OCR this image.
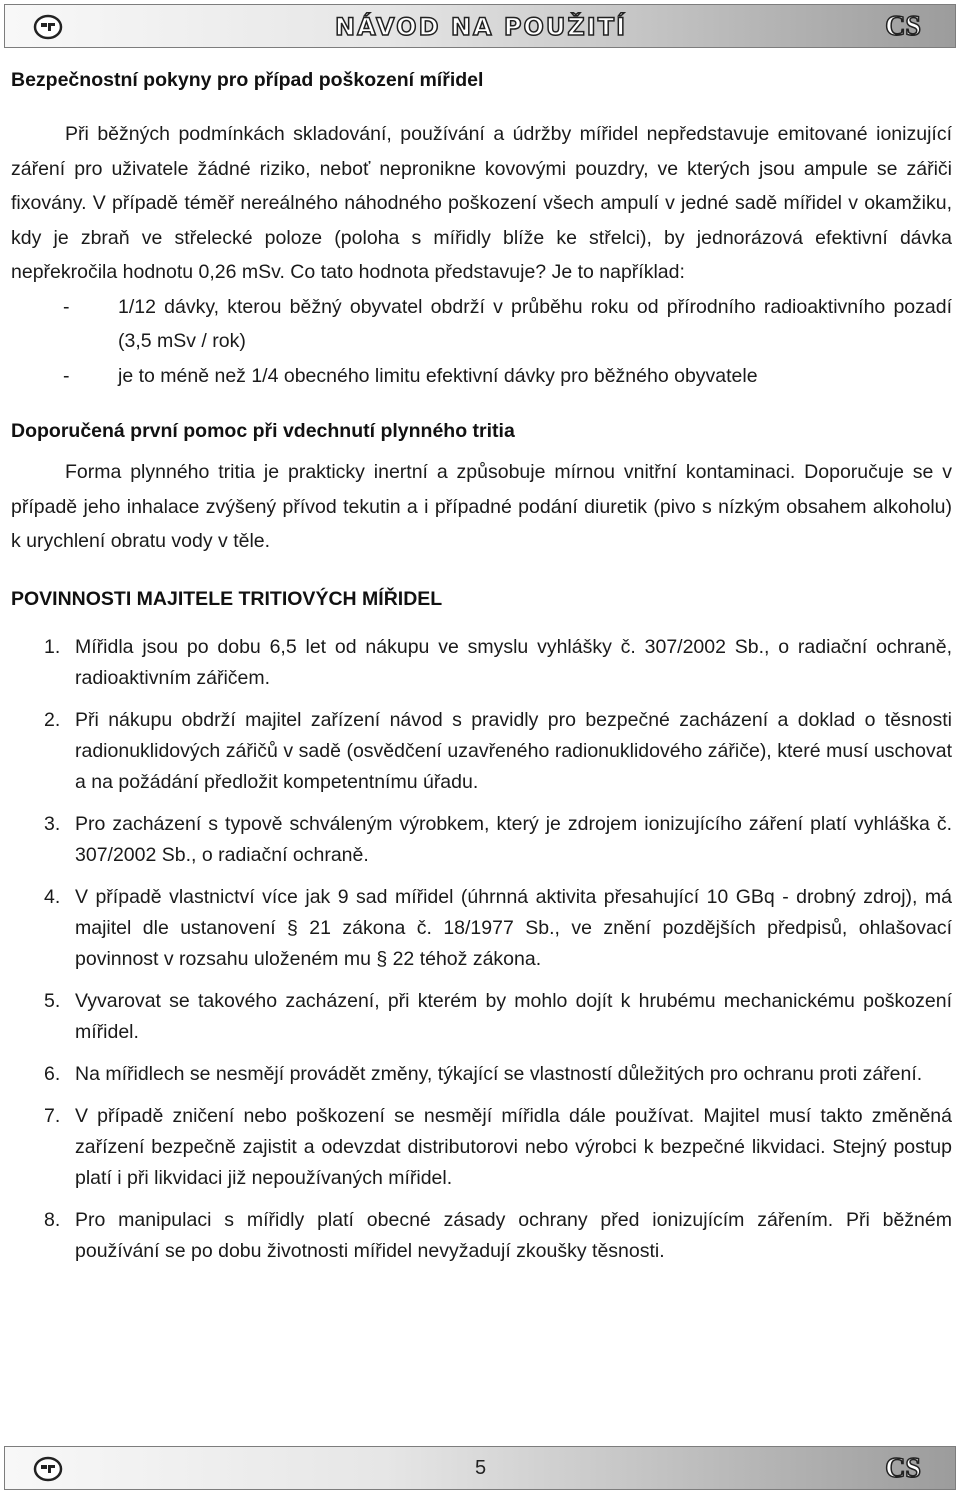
NÁVOD NA POUŽITÍ	CS
Bezpečnostní pokyny pro případ poškození mířidel

Při běžných podmínkách skladování, používání a údržby mířidel nepředstavuje emitované ionizující záření pro uživatele žádné riziko, neboť nepronikne kovovými pouzdry, ve kterých jsou ampule se zářiči fixovány. V případě téměř nereálného náhodného poškození všech ampulí v jedné sadě mířidel v okamžiku, kdy je zbraň ve střelecké poloze (poloha s mířidly blíže ke střelci), by jednorázová efektivní dávka nepřekročila hodnotu 0,26 mSv. Co tato hodnota představuje? Je to například:

- 1/12 dávky, kterou běžný obyvatel obdrží v průběhu roku od přírodního radioaktivního pozadí (3,5 mSv / rok)
- je to méně než 1/4 obecného limitu efektivní dávky pro běžného obyvatele
Doporučená první pomoc při vdechnutí plynného tritia

Forma plynného tritia je prakticky inertní a způsobuje mírnou vnitřní kontaminaci. Doporučuje se v případě jeho inhalace zvýšený přívod tekutin a i případné podání diuretik (pivo s nízkým obsahem alkoholu) k urychlení obratu vody v těle.

POVINNOSTI MAJITELE TRITIOVÝCH MÍŘIDEL
1. Mířidla jsou po dobu 6,5 let od nákupu ve smyslu vyhlášky č. 307/2002 Sb., o radiační ochraně, radioaktivním zářičem.
2. Při nákupu obdrží majitel zařízení návod s pravidly pro bezpečné zacházení a doklad o těsnosti radionuklidových zářičů v sadě (osvědčení uzavřeného radionuklidového zářiče), které musí uschovat a na požádání předložit kompetentnímu úřadu.
3. Pro zacházení s typově schváleným výrobkem, který je zdrojem ionizujícího záření platí vyhláška č. 307/2002 Sb., o radiační ochraně.
4. V případě vlastnictví více jak 9 sad mířidel (úhrnná aktivita přesahující 10 GBq - drobný zdroj), má majitel dle ustanovení § 21 zákona č. 18/1977 Sb., ve znění pozdějších předpisů, ohlašovací povinnost v rozsahu uloženém mu § 22 téhož zákona.
5. Vyvarovat se takového zacházení, při kterém by mohlo dojít k hrubému mechanickému poškození mířidel.
6. Na mířidlech se nesmějí provádět změny, týkající se vlastností důležitých pro ochranu proti záření.
7. V případě zničení nebo poškození se nesmějí mířidla dále používat. Majitel musí takto změněná zařízení bezpečně zajistit a odevzdat distributorovi nebo výrobci k bezpečné likvidaci. Stejný postup platí i při likvidaci již nepoužívaných mířidel.
8. Pro manipulaci s mířidly platí obecné zásady ochrany před ionizujícím zářením. Při běžném používání se po dobu životnosti mířidel nevyžadují zkoušky těsnosti.
5	CS
